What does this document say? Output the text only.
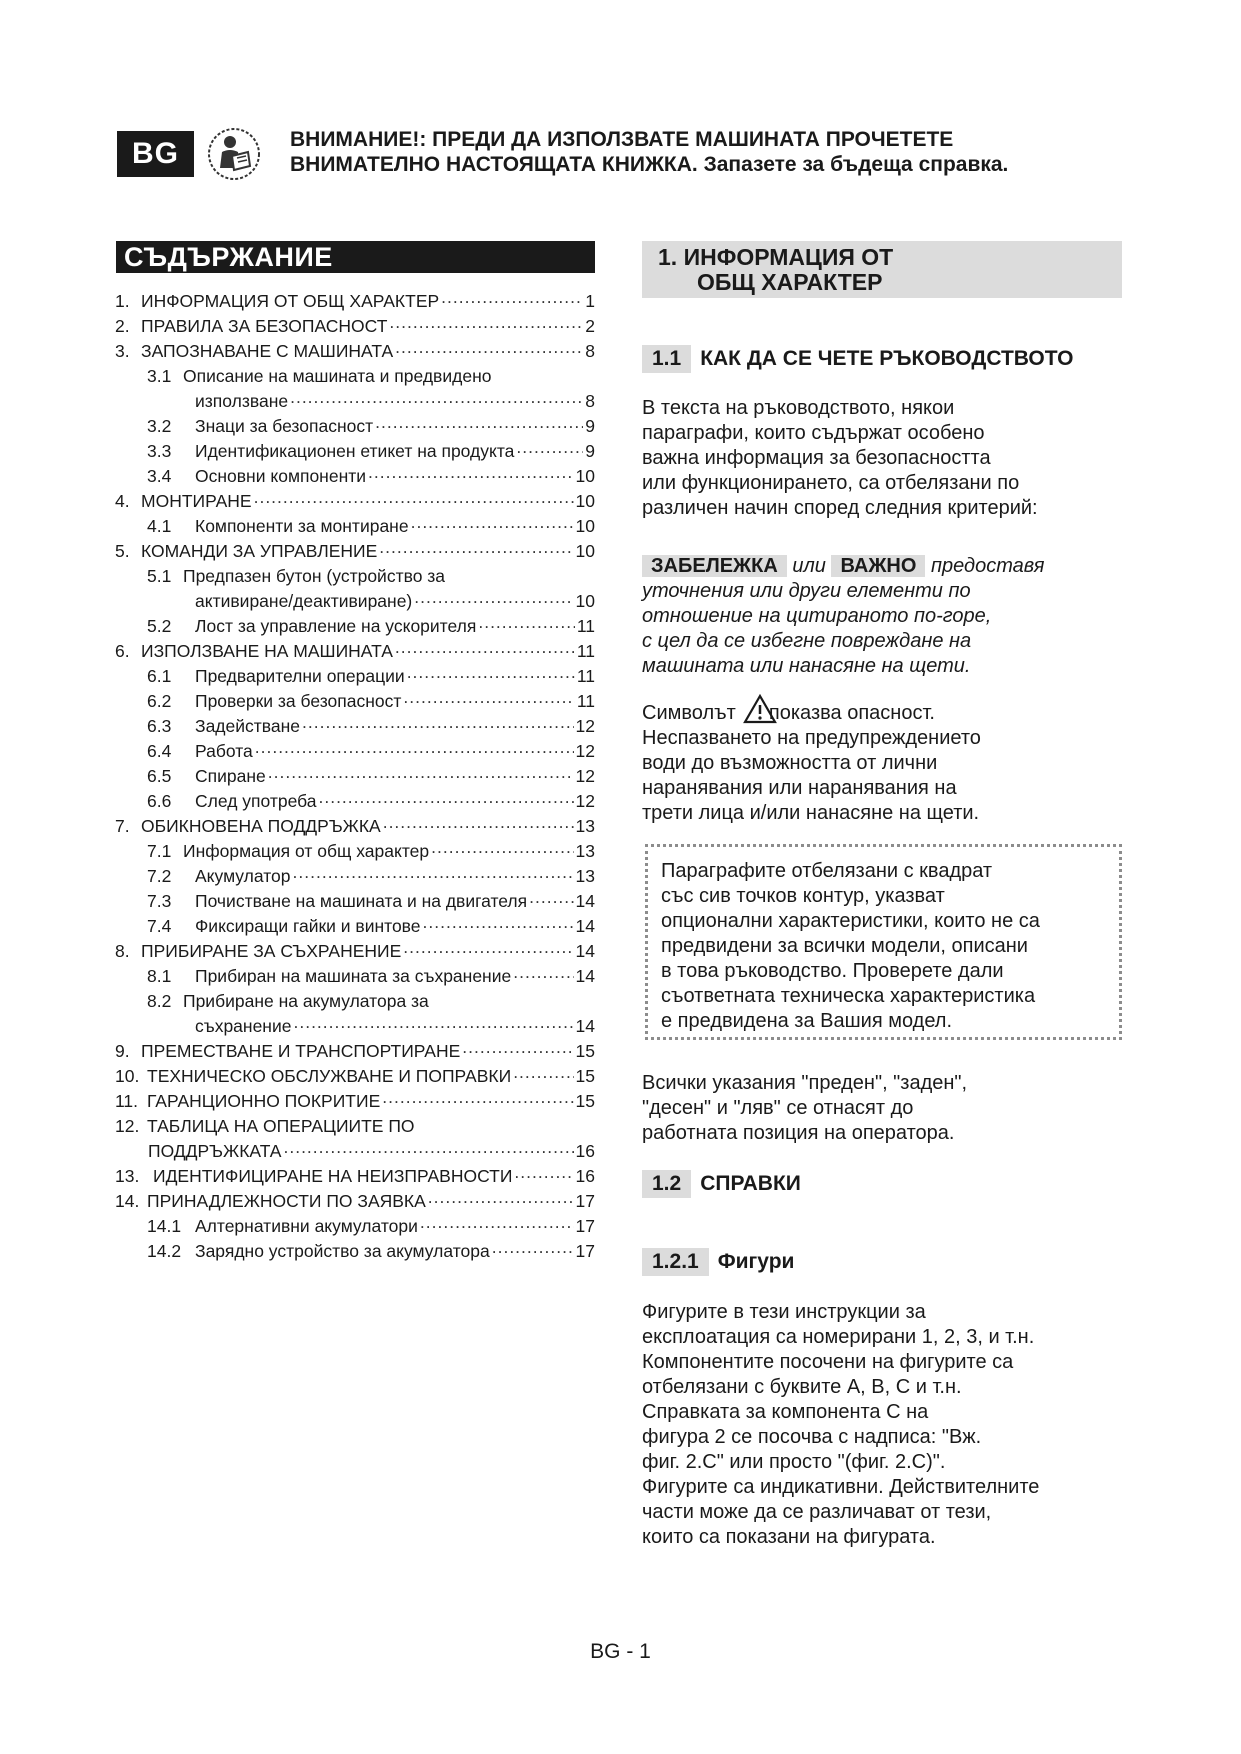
BG	ВНИМАНИЕ!: ПРЕДИ ДА ИЗПОЛЗВАТЕ МАШИНАТА ПРОЧЕТЕТЕ
ВНИМАТЕЛНО НАСТОЯЩАТА КНИЖКА. Запазете за бъдеща справка.
СЪДЪРЖАНИЕ
1. ИНФОРМАЦИЯ ОТ ОБЩ ХАРАКТЕР .....	1
2. ПРАВИЛА ЗА БЕЗОПАСНОСТ .....	2
3. ЗАПОЗНАВАНЕ С МАШИНАТА .....	8
3.1 Описание на машината и предвидено
използване .....	8
3.2	Знаци за безопасност .....	9
3.3	Идентификационен етикет на продукта .....	9
3.4	Основни компоненти .....	10
4. МОНТИРАНЕ .....	10
4.1	Компоненти за монтиране .....	10
5. КОМАНДИ ЗА УПРАВЛЕНИЕ .....	10
5.1 Предпазен бутон (устройство за
активиране/деактивиране) .....	10
5.2	Лост за управление на ускорителя .....	11
6. ИЗПОЛЗВАНЕ НА МАШИНАТА .....	11
6.1	Предварителни операции .....	11
6.2	Проверки за безопасност .....	11
6.3	Задействане .....	12
6.4	Работа .....	12
6.5	Спиране .....	12
6.6	След употреба .....	12
7. ОБИКНОВЕНА ПОДДРЪЖКА .....	13
7.1 Информация от общ характер .....	13
7.2	Акумулатор .....	13
7.3	Почистване на машината и на двигателя .....	14
7.4	Фиксиращи гайки и винтове .....	14
8. ПРИБИРАНЕ ЗА СЪХРАНЕНИЕ .....	14
8.1	Прибиран на машината за съхранение .....	14
8.2 Прибиране на акумулатора за
съхранение .....	14
9. ПРЕМЕСТВАНЕ И ТРАНСПОРТИРАНЕ .....	15
10. ТЕХНИЧЕСКО ОБСЛУЖВАНЕ И ПОПРАВКИ .....	15
11. ГАРАНЦИОННО ПОКРИТИЕ .....	15
12. ТАБЛИЦА НА ОПЕРАЦИИТЕ ПО
ПОДДРЪЖКАТА .....	16
13. ИДЕНТИФИЦИРАНЕ НА НЕИЗПРАВНОСТИ .....	16
14. ПРИНАДЛЕЖНОСТИ ПО ЗАЯВКА .....	17
14.1 Алтернативни акумулатори .....	17
14.2 Зарядно устройство за акумулатора .....	17
1. ИНФОРМАЦИЯ ОТ
ОБЩ ХАРАКТЕР
1.1 КАК ДА СЕ ЧЕТЕ РЪКОВОДСТВОТО
В текста на ръководството, някои
параграфи, които съдържат особено
важна информация за безопасността
или функционирането, са отбелязани по
различен начин според следния критерий:
ЗАБЕЛЕЖКА или ВАЖНО предоставя
уточнения или други елементи по
отношение на цитираното по-горе,
с цел да се избегне повреждане на
машината или нанасяне на щети.
Символът показва опасност.
Неспазването на предупреждението
води до възможността от лични
наранявания или наранявания на
трети лица и/или нанасяне на щети.
Параграфите отбелязани с квадрат
със сив точков контур, указват
опционални характеристики, които не са
предвидени за всички модели, описани
в това ръководство. Проверете дали
съответната техническа характеристика
е предвидена за Вашия модел.
Всички указания "преден", "заден",
"десен" и "ляв" се отнасят до
работната позиция на оператора.
1.2 СПРАВКИ
1.2.1 Фигури
Фигурите в тези инструкции за
експлоатация са номерирани 1, 2, 3, и т.н.
Компонентите посочени на фигурите са
отбелязани с буквите А, В, С и т.н.
Справката за компонента С на
фигура 2 се посочва с надписа: "Вж.
фиг. 2.С" или просто "(фиг. 2.С)".
Фигурите са индикативни. Действителните
части може да се различават от тези,
които са показани на фигурата.
BG - 1
